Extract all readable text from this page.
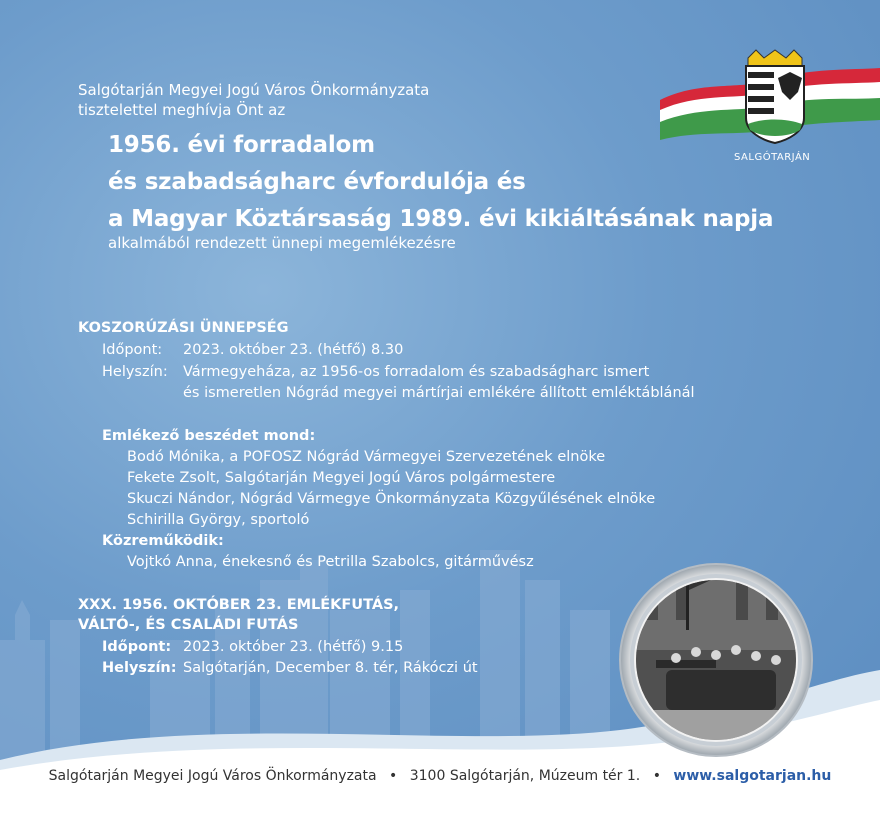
SALGÓTARJÁN
Salgótarján Megyei Jogú Város Önkormányzata
tisztelettel meghívja Önt az
1956. évi forradalom
és szabadságharc évfordulója és
a Magyar Köztársaság 1989. évi kikiáltásának napja
alkalmából rendezett ünnepi megemlékezésre
KOSZORÚZÁSI ÜNNEPSÉG
Időpont:	2023. október 23. (hétfő) 8.30
Helyszín: Vármegyeháza, az 1956-os forradalom és szabadságharc ismert
és ismeretlen Nógrád megyei mártírjai emlékére állított emléktáblánál
Emlékező beszédet mond:
Bodó Mónika, a POFOSZ Nógrád Vármegyei Szervezetének elnöke
Fekete Zsolt, Salgótarján Megyei Jogú Város polgármestere
Skuczi Nándor, Nógrád Vármegye Önkormányzata Közgyűlésének elnöke
Schirilla György, sportoló
Közreműködik:
Vojtkó Anna, énekesnő és Petrilla Szabolcs, gitárművész
XXX. 1956. OKTÓBER 23. EMLÉKFUTÁS,
VÁLTÓ-, ÉS CSALÁDI FUTÁS
Időpont: 2023. október 23. (hétfő) 9.15
Helyszín: Salgótarján, December 8. tér, Rákóczi út
Salgótarján Megyei Jogú Város Önkormányzata • 3100 Salgótarján, Múzeum tér 1. • www.salgotarjan.hu
